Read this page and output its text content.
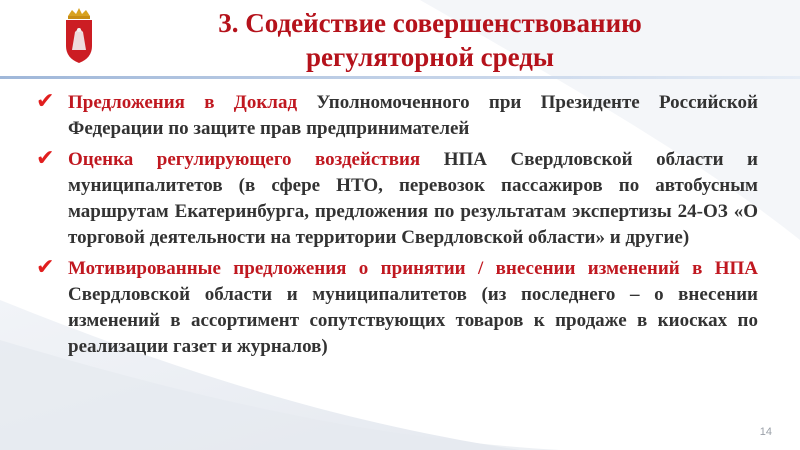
3. Содействие совершенствованию
регуляторной среды
✔ Предложения в Доклад Уполномоченного при Президенте Российской Федерации по защите прав предпринимателей
✔ Оценка регулирующего воздействия НПА Свердловской области и муниципалитетов (в сфере НТО, перевозок пассажиров по автобусным маршрутам Екатеринбурга, предложения по результатам экспертизы 24-ОЗ «О торговой деятельности на территории Свердловской области» и другие)
✔ Мотивированные предложения о принятии / внесении изменений в НПА Свердловской области и муниципалитетов (из последнего – о внесении изменений в ассортимент сопутствующих товаров к продаже в киосках по реализации газет и журналов)
14
